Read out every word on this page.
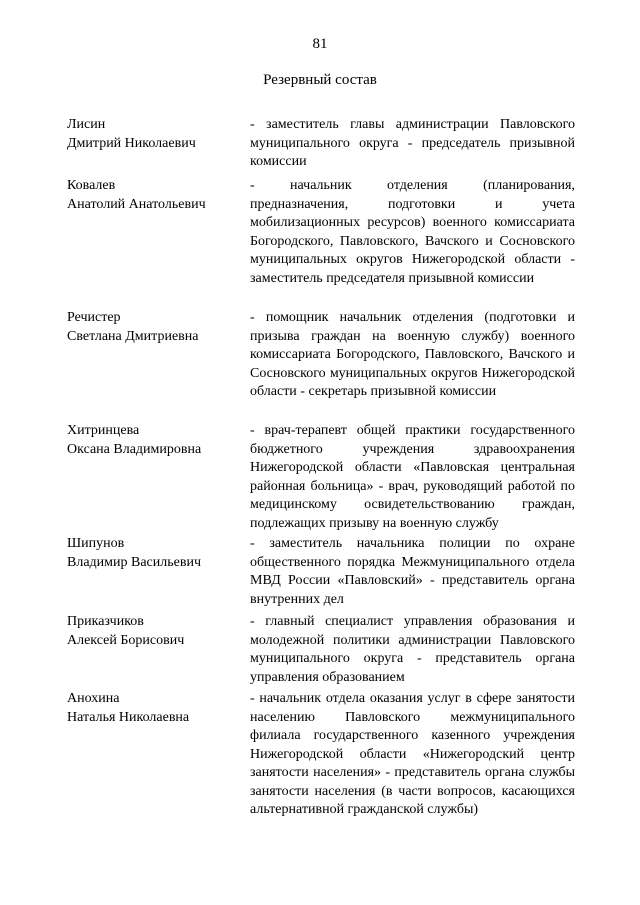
81
Резервный состав
Лисин
Дмитрий Николаевич
- заместитель главы администрации Павловского муниципального округа - председатель призывной комиссии
Ковалев
Анатолий Анатольевич
- начальник отделения (планирования, предназначения, подготовки и учета мобилизационных ресурсов) военного комиссариата Богородского, Павловского, Вачского и Сосновского муниципальных округов Нижегородской области - заместитель председателя призывной комиссии
Речистер
Светлана Дмитриевна
- помощник начальник отделения (подготовки и призыва граждан на военную службу) военного комиссариата Богородского, Павловского, Вачского и Сосновского муниципальных округов Нижегородской области - секретарь призывной комиссии
Хитринцева
Оксана Владимировна
- врач-терапевт общей практики государственного бюджетного учреждения здравоохранения Нижегородской области «Павловская центральная районная больница» - врач, руководящий работой по медицинскому освидетельствованию граждан, подлежащих призыву на военную службу
Шипунов
Владимир Васильевич
- заместитель начальника полиции по охране общественного порядка Межмуниципального отдела МВД России «Павловский» - представитель органа внутренних дел
Приказчиков
Алексей Борисович
- главный специалист управления образования и молодежной политики администрации Павловского муниципального округа - представитель органа управления образованием
Анохина
Наталья Николаевна
- начальник отдела оказания услуг в сфере занятости населению Павловского межмуниципального филиала государственного казенного учреждения Нижегородской области «Нижегородский центр занятости населения» - представитель органа службы занятости населения (в части вопросов, касающихся альтернативной гражданской службы)
